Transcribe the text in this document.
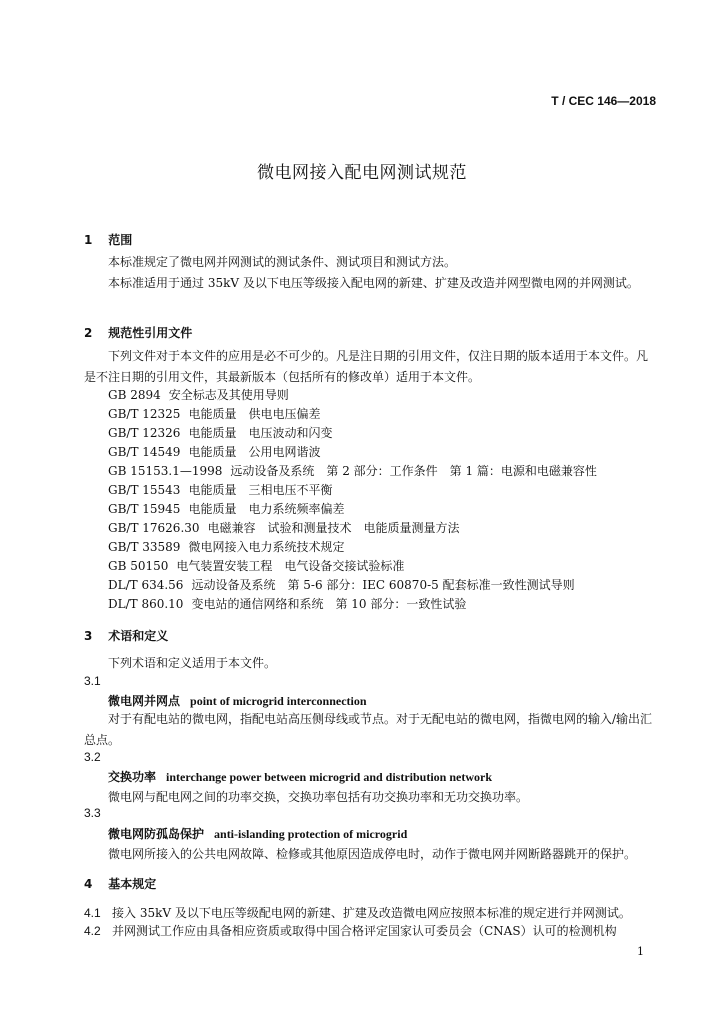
T / CEC 146—2018
微电网接入配电网测试规范
1 范围
本标准规定了微电网并网测试的测试条件、测试项目和测试方法。
本标准适用于通过 35kV 及以下电压等级接入配电网的新建、扩建及改造并网型微电网的并网测试。
2 规范性引用文件
下列文件对于本文件的应用是必不可少的。凡是注日期的引用文件，仅注日期的版本适用于本文件。凡是不注日期的引用文件，其最新版本（包括所有的修改单）适用于本文件。
GB 2894 安全标志及其使用导则
GB/T 12325 电能质量　供电电压偏差
GB/T 12326 电能质量　电压波动和闪变
GB/T 14549 电能质量　公用电网谐波
GB 15153.1—1998 远动设备及系统　第 2 部分：工作条件　第 1 篇：电源和电磁兼容性
GB/T 15543 电能质量　三相电压不平衡
GB/T 15945 电能质量　电力系统频率偏差
GB/T 17626.30 电磁兼容　试验和测量技术　电能质量测量方法
GB/T 33589 微电网接入电力系统技术规定
GB 50150 电气装置安装工程　电气设备交接试验标准
DL/T 634.56 远动设备及系统　第 5-6 部分：IEC 60870-5 配套标准一致性测试导则
DL/T 860.10 变电站的通信网络和系统　第 10 部分：一致性试验
3 术语和定义
下列术语和定义适用于本文件。
3.1
微电网并网点 point of microgrid interconnection
对于有配电站的微电网，指配电站高压侧母线或节点。对于无配电站的微电网，指微电网的输入/输出汇总点。
3.2
交换功率 interchange power between microgrid and distribution network
微电网与配电网之间的功率交换，交换功率包括有功交换功率和无功交换功率。
3.3
微电网防孤岛保护 anti-islanding protection of microgrid
微电网所接入的公共电网故障、检修或其他原因造成停电时，动作于微电网并网断路器跳开的保护。
4 基本规定
4.1 接入 35kV 及以下电压等级配电网的新建、扩建及改造微电网应按照本标准的规定进行并网测试。
4.2 并网测试工作应由具备相应资质或取得中国合格评定国家认可委员会（CNAS）认可的检测机构
1
